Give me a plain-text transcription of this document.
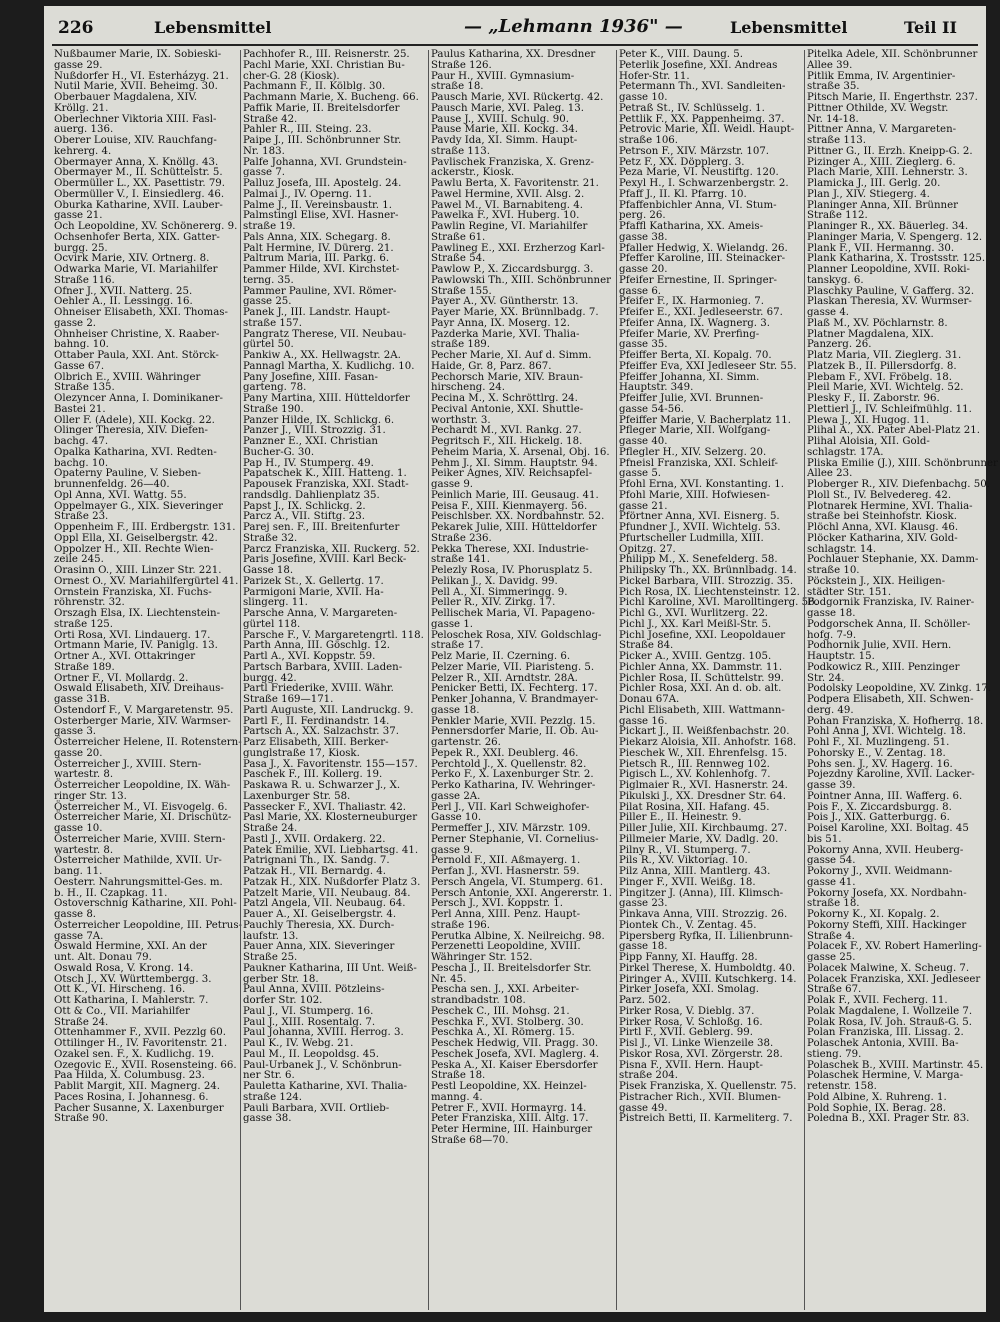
226	Lebensmittel	— „Lehmann 1936" —	Lebensmittel	Teil II
Nußbaumer Marie, IX. Sobieski-
gasse 29.
Nußdorfer H., VI. Esterházyg. 21.
Nutil Marie, XVII. Beheimg. 30.
Oberbauer Magdalena, XIV.
Kröllg. 21.
Oberlechner Viktoria XIII. Fasl-
auerg. 136.
Oberer Louise, XIV. Rauchfang-
kehrerg. 4.
Obermayer Anna, X. Knöllg. 43.
Obermayer M., II. Schüttelstr. 5.
Obermüller L., XX. Pasettistr. 79.
Obermüller V., I. Einsiedlerg. 46.
Oburka Katharine, XVII. Lauber-
gasse 21.
Och Leopoldine, XV. Schönererg. 9.
Ochsenhofer Berta, XIX. Gatter-
burgg. 25.
Ocvirk Marie, XIV. Ortnerg. 8.
Odwarka Marie, VI. Mariahilfer
Straße 116.
Ofner J., XVII. Natterg. 25.
Oehler A., II. Lessingg. 16.
Ohneiser Elisabeth, XXI. Thomas-
gasse 2.
Ohnheiser Christine, X. Raaber-
bahng. 10.
Ottaber Paula, XXI. Ant. Störck-
Gasse 67.
Olbrich E., XVIII. Währinger
Straße 135.
Olezyncer Anna, I. Dominikaner-
Bastei 21.
Oller F. (Adele), XII. Kockg. 22.
Olinger Theresia, XIV. Diefen-
bachg. 47.
Opalka Katharina, XVI. Redten-
bachg. 10.
Opaterny Pauline, V. Sieben-
brunnenfeldg. 26—40.
Opl Anna, XVI. Wattg. 55.
Oppelmayer G., XIX. Sieveringer
Straße 23.
Oppenheim F., III. Erdbergstr. 131.
Oppl Ella, XI. Geiselbergstr. 42.
Oppolzer H., XII. Rechte Wien-
zeile 245.
Orasinn O., XIII. Linzer Str. 221.
Ornest O., XV. Mariahilfergürtel 41.
Ornstein Franziska, XI. Fuchs-
röhrenstr. 32.
Orszagh Elsa, IX. Liechtenstein-
straße 125.
Orti Rosa, XVI. Lindauerg. 17.
Ortmann Marie, IV. Paniglg. 13.
Ortner A., XVI. Ottakringer
Straße 189.
Ortner F., VI. Mollardg. 2.
Oswald Elisabeth, XIV. Dreihaus-
gasse 31B.
Ostendorf F., V. Margaretenstr. 95.
Osterberger Marie, XIV. Warmser-
gasse 3.
Österreicher Helene, II. Rotenstern-
gasse 20.
Österreicher J., XVIII. Stern-
wartestr. 8.
Österreicher Leopoldine, IX. Wäh-
ringer Str. 13.
Österreicher M., VI. Eisvogelg. 6.
Österreicher Marie, XI. Drischütz-
gasse 10.
Österreicher Marie, XVIII. Stern-
wartestr. 8.
Österreicher Mathilde, XVII. Ur-
bang. 11.
Oesterr. Nahrungsmittel-Ges. m.
b. H., II. Czapkag. 11.
Ostoverschnig Katharine, XII. Pohl-
gasse 8.
Österreicher Leopoldine, III. Petrus-
gasse 7A.
Oswald Hermine, XXI. An der
unt. Alt. Donau 79.
Oswald Rosa, V. Krong. 14.
Otsch J., XV. Württembergg. 3.
Ott K., VI. Hirscheng. 16.
Ott Katharina, I. Mahlerstr. 7.
Ott & Co., VII. Mariahilfer
Straße 24.
Ottenhammer F., XVII. Pezzlg 60.
Ottilinger H., IV. Favoritenstr. 21.
Ozakel sen. F., X. Kudlichg. 19.
Ozegovic E., XVII. Rosensteing. 66.
Paa Hilda, X. Columbusg. 23.
Pablit Margit, XII. Magnerg. 24.
Paces Rosina, I. Johannesg. 6.
Pacher Susanne, X. Laxenburger
Straße 90.
Pachhofer R., III. Reisnerstr. 25.
Pachl Marie, XXI. Christian Bu-
cher-G. 28 (Kiosk).
Pachmann F., II. Kölblg. 30.
Pachmann Marie, X. Bucheng. 66.
Paffik Marie, II. Breitelsdorfer
Straße 42.
Pahler R., III. Steing. 23.
Paipe J., III. Schönbrunner Str.
Nr. 183.
Palfe Johanna, XVI. Grundstein-
gasse 7.
Palluz Josefa, III. Apostelg. 24.
Palmai J., IV. Operng. 11.
Palme J., II. Vereinsbaustr. 1.
Palmstingl Elise, XVI. Hasner-
straße 19.
Pals Anna, XIX. Schegarg. 8.
Palt Hermine, IV. Dürerg. 21.
Paltrum Maria, III. Parkg. 6.
Pammer Hilde, XVI. Kirchstet-
terng. 35.
Pammer Pauline, XVI. Römer-
gasse 25.
Panek J., III. Landstr. Haupt-
straße 157.
Pangratz Therese, VII. Neubau-
gürtel 50.
Pankiw A., XX. Hellwagstr. 2A.
Pannagl Martha, X. Kudlichg. 10.
Pany Josefine, XIII. Fasan-
garteng. 78.
Pany Martina, XIII. Hütteldorfer
Straße 190.
Panzer Hilde, IX. Schlickg. 6.
Panzer J., VIII. Strozzig. 31.
Panzner E., XXI. Christian
Bucher-G. 30.
Pap H., IV. Stumperg. 49.
Papatschek K., XIII. Hatteng. 1.
Papousek Franziska, XXI. Stadt-
randsdlg. Dahlienplatz 35.
Papst J., IX. Schlickg. 2.
Parcz A., VII. Stiftg. 23.
Parej sen. F., III. Breitenfurter
Straße 32.
Parcz Franziska, XII. Ruckerg. 52.
Paris Josefine, XVIII. Karl Beck-
Gasse 18.
Parizek St., X. Gellertg. 17.
Parmigoni Marie, XVII. Ha-
slingerg. 11.
Parsche Anna, V. Margareten-
gürtel 118.
Parsche F., V. Margaretengrtl. 118.
Parth Anna, III. Göschlg. 12.
Partl A., XVI. Koppstr. 59.
Partsch Barbara, XVIII. Laden-
burgg. 42.
Partl Friederike, XVIII. Währ.
Straße 169—171.
Partl Auguste, XII. Landruckg. 9.
Partl F., II. Ferdinandstr. 14.
Partsch A., XX. Salzachstr. 37.
Parz Elisabeth, XIII. Berker-
gunglstraße 17, Kiosk.
Pasa J., X. Favoritenstr. 155—157.
Paschek F., III. Kollerg. 19.
Paskawa R. u. Schwarzer J., X.
Laxenburger Str. 58.
Passecker F., XVI. Thaliastr. 42.
Pasl Marie, XX. Klosterneuburger
Straße 24.
Pastl J., XVII. Ordakerg. 22.
Patek Emilie, XVI. Liebhartsg. 41.
Patrignani Th., IX. Sandg. 7.
Patzak H., VII. Bernardg. 4.
Patzak H., XIX. Nußdorfer Platz 3.
Patzelt Marie, VII. Neubaug. 84.
Patzl Angela, VII. Neubaug. 64.
Pauer A., XI. Geiselbergstr. 4.
Pauchly Theresia, XX. Durch-
laufstr. 13.
Pauer Anna, XIX. Sieveringer
Straße 25.
Paukner Katharina, III Unt. Weiß-
gerber Str. 18.
Paul Anna, XVIII. Pötzleins-
dorfer Str. 102.
Paul J., VI. Stumperg. 16.
Paul J., XIII. Rosentalg. 7.
Paul Johanna, XVIII. Herrog. 3.
Paul K., IV. Webg. 21.
Paul M., II. Leopoldsg. 45.
Paul-Urbanek J., V. Schönbrun-
ner Str. 6.
Pauletta Katharine, XVI. Thalia-
straße 124.
Pauli Barbara, XVII. Ortlieb-
gasse 38.
Paulus Katharina, XX. Dresdner
Straße 126.
Paur H., XVIII. Gymnasium-
straße 18.
Pausch Marie, XVI. Rückertg. 42.
Pausch Marie, XVI. Paleg. 13.
Pause J., XVIII. Schulg. 90.
Pause Marie, XII. Kockg. 34.
Pavdy Ida, XI. Simm. Haupt-
straße 113.
Pavlischek Franziska, X. Grenz-
ackerstr., Kiosk.
Pawlu Berta, X. Favoritenstr. 21.
Pawel Hermine, XVII. Alsg. 2.
Pawel M., VI. Barnabiteng. 4.
Pawelka F., XVI. Huberg. 10.
Pawlin Regine, VI. Mariahilfer
Straße 61.
Pawlineg E., XXI. Erzherzog Karl-
Straße 54.
Pawlow P., X. Ziccardsburgg. 3.
Pawlowski Th., XIII. Schönbrunner
Straße 155.
Payer A., XV. Güntherstr. 13.
Payer Marie, XX. Brünnlbadg. 7.
Payr Anna, IX. Moserg. 12.
Pazderka Marie, XVI. Thalia-
straße 189.
Pecher Marie, XI. Auf d. Simm.
Haide, Gr. 8, Parz. 867.
Pechorsch Marie, XIV. Braun-
hirscheng. 24.
Pecina M., X. Schröttlrg. 24.
Pecival Antonie, XXI. Shuttle-
worthstr. 3.
Pechardt M., XVI. Rankg. 27.
Pegritsch F., XII. Hickelg. 18.
Peheim Maria, X. Arsenal, Obj. 16.
Pehm J., XI. Simm. Hauptstr. 94.
Peiker Agnes, XIV. Reichsapfel-
gasse 9.
Peinlich Marie, III. Geusaug. 41.
Peisa F., XIII. Kienmayerg. 56.
Peischlsber. XX. Nordbahnstr. 52.
Pekarek Julie, XIII. Hütteldorfer
Straße 236.
Pekka Therese, XXI. Industrie-
straße 141.
Pelezly Rosa, IV. Phorusplatz 5.
Pelikan J., X. Davidg. 99.
Pell A., XI. Simmeringg. 9.
Peller R., XIV. Zirkg. 17.
Pellischek Maria, VI. Papageno-
gasse 1.
Peloschek Rosa, XIV. Goldschlag-
straße 17.
Pelz Marie, II. Czerning. 6.
Pelzer Marie, VII. Piaristeng. 5.
Pelzer R., XII. Arndtstr. 28A.
Penicker Betti, IX. Fechterg. 17.
Penker Johanna, V. Brandmayer-
gasse 18.
Penkler Marie, XVII. Pezzlg. 15.
Pennersdorfer Marie, II. Ob. Au-
gartenstr. 26.
Pepek R., XXI. Deublerg. 46.
Perchtold J., X. Quellenstr. 82.
Perko F., X. Laxenburger Str. 2.
Perko Katharina, IV. Wehringer-
gasse 2A.
Perl J., VII. Karl Schweighofer-
Gasse 10.
Permeffer J., XIV. Märzstr. 109.
Perner Stephanie, VI. Cornelius-
gasse 9.
Pernold F., XII. Aßmayerg. 1.
Perfan J., XVI. Hasnerstr. 59.
Persch Angela, VI. Stumperg. 61.
Persch Antonie, XXI. Angererstr. 1.
Persch J., XVI. Koppstr. 1.
Perl Anna, XIII. Penz. Haupt-
straße 196.
Perutka Albine, X. Neilreichg. 98.
Perzenetti Leopoldine, XVIII.
Währinger Str. 152.
Pescha J., II. Breitelsdorfer Str.
Nr. 45.
Pescha sen. J., XXI. Arbeiter-
strandbadstr. 108.
Peschek C., III. Mohsg. 21.
Peschka F., XVI. Stolberg. 30.
Peschka A., XI. Römerg. 15.
Peschek Hedwig, VII. Pragg. 30.
Peschek Josefa, XVI. Maglerg. 4.
Peska A., XI. Kaiser Ebersdorfer
Straße 18.
Pestl Leopoldine, XX. Heinzel-
manng. 4.
Petrer F., XVII. Hormayrg. 14.
Peter Franziska, XIII. Altg. 17.
Peter Hermine, III. Hainburger
Straße 68—70.
Peter K., VIII. Daung. 5.
Peterlik Josefine, XXI. Andreas
Hofer-Str. 11.
Petermann Th., XVI. Sandleiten-
gasse 10.
Petraß St., IV. Schlüsselg. 1.
Pettlik F., XX. Pappenheimg. 37.
Petrovic Marie, XII. Weidl. Haupt-
straße 106.
Petrson F., XIV. Märzstr. 107.
Petz F., XX. Döpplerg. 3.
Peza Marie, VI. Neustiftg. 120.
Pexyl H., I. Schwarzenbergstr. 2.
Pfaff J., II. Kl. Pfarrg. 10.
Pfaffenbichler Anna, VI. Stum-
perg. 26.
Pfaffl Katharina, XX. Ameis-
gasse 38.
Pfaller Hedwig, X. Wielandg. 26.
Pfeffer Karoline, III. Steinacker-
gasse 20.
Pfeifer Ernestine, II. Springer-
gasse 6.
Pfeifer F., IX. Harmonieg. 7.
Pfeifer E., XXI. Jedleseerstr. 67.
Pfeifer Anna, IX. Wagnerg. 3.
Pfeifer Marie, XV. Prerfing-
gasse 35.
Pfeiffer Berta, XI. Kopalg. 70.
Pfeiffer Eva, XXI Jedleseer Str. 55.
Pfeiffer Johanna, XI. Simm.
Hauptstr. 349.
Pfeiffer Julie, XVI. Brunnen-
gasse 54-56.
Pfeiffer Marie, V. Bacherplatz 11.
Pfleger Marie, XII. Wolfgang-
gasse 40.
Pflegler H., XIV. Selzerg. 20.
Pfneisl Franziska, XXI. Schleif-
gasse 5.
Pfohl Erna, XVI. Konstanting. 1.
Pfohl Marie, XIII. Hofwiesen-
gasse 21.
Pförtner Anna, XVI. Eisnerg. 5.
Pfundner J., XVII. Wichtelg. 53.
Pfurtscheller Ludmilla, XIII.
Opitzg. 27.
Philipp M., X. Senefelderg. 58.
Philipsky Th., XX. Brünnlbadg. 14.
Pickel Barbara, VIII. Strozzig. 35.
Pich Rosa, IX. Liechtensteinstr. 12.
Pichl Karoline, XVI. Marolltingerg. 56.
Pichl G., XVI. Wurlitzerg. 22.
Pichl J., XX. Karl Meißl-Str. 5.
Pichl Josefine, XXI. Leopoldauer
Straße 84.
Picker A., XVIII. Gentzg. 105.
Pichler Anna, XX. Dammstr. 11.
Pichler Rosa, II. Schüttelstr. 99.
Pichler Rosa, XXI. An d. ob. alt.
Donau 67A.
Pichl Elisabeth, XIII. Wattmann-
gasse 16.
Pickart J., II. Weißfenbachstr. 20.
Piekarz Aloisia, XII. Anhofstr. 168.
Pieschek W., XII. Ehrenfelsg. 15.
Pietsch R., III. Rennweg 102.
Pigisch L., XV. Kohlenhofg. 7.
Piglmaier R., XVI. Hasnerstr. 24.
Pikulski J., XX. Dresdner Str. 64.
Pilat Rosina, XII. Hafang. 45.
Piller E., II. Heinestr. 9.
Piller Julie, XII. Kirchbaumg. 27.
Pillmeier Marie, XV. Dadlg. 20.
Pilny R., VI. Stumperg. 7.
Pils R., XV. Viktoriag. 10.
Pilz Anna, XIII. Mantlerg. 43.
Pinger F., XVII. Weißg. 18.
Pingitzer J. (Anna), III. Klimsch-
gasse 23.
Pinkava Anna, VIII. Strozzig. 26.
Piontek Ch., V. Zentag. 45.
Pipersberg Ryfka, II. Lilienbrunn-
gasse 18.
Pipp Fanny, XI. Hauffg. 28.
Pirkel Therese, X. Humboldtg. 40.
Piringer A., XVIII. Kutschkerg. 14.
Pirker Josefa, XXI. Smolag.
Parz. 502.
Pirker Rosa, V. Dieblg. 37.
Pirker Rosa, V. Schloßg. 16.
Pirtl F., XVII. Geblerg. 99.
Pisl J., VI. Linke Wienzeile 38.
Piskor Rosa, XVI. Zörgerstr. 28.
Pisna F., XVII. Hern. Haupt-
straße 204.
Pisek Franziska, X. Quellenstr. 75.
Pistracher Rich., XVII. Blumen-
gasse 49.
Pistreich Betti, II. Karmeliterg. 7.
Pitelka Adele, XII. Schönbrunner
Allee 39.
Pitlik Emma, IV. Argentinier-
straße 35.
Pitsch Marie, II. Engerthstr. 237.
Pittner Othilde, XV. Wegstr.
Nr. 14-18.
Pittner Anna, V. Margareten-
straße 113.
Pittner G., II. Erzh. Kneipp-G. 2.
Pizinger A., XIII. Zieglerg. 6.
Plach Marie, XIII. Lehnerstr. 3.
Plamicka J., III. Gerlg. 20.
Plan J., XIV. Stiegerg. 4.
Planinger Anna, XII. Brünner
Straße 112.
Planinger R., XX. Bäuerleg. 34.
Planinger Maria, V. Spengerg. 12.
Plank F., VII. Hermanng. 30.
Plank Katharina, X. Trostsstr. 125.
Planner Leopoldine, XVII. Roki-
tanskyg. 6.
Plaschky Pauline, V. Gafferg. 32.
Plaskan Theresia, XV. Wurmser-
gasse 4.
Plaß M., XV. Pöchlarnstr. 8.
Platner Magdalena, XIX.
Panzerg. 26.
Platz Maria, VII. Zieglerg. 31.
Platzek B., II. Pillersdorfg. 8.
Plebam F., XVI. Fröbelg. 18.
Pleil Marie, XVI. Wichtelg. 52.
Plesky F., II. Zaborstr. 96.
Plettierl J., IV. Schleifmühlg. 11.
Plewa J., XI. Hugog. 11.
Plihal A., XX. Pater Abel-Platz 21.
Plihal Aloisia, XII. Gold-
schlagstr. 17A.
Pliska Emilie (J.), XIII. Schönbrunner
Allee 23.
Ploberger R., XIV. Diefenbachg. 50.
Ploll St., IV. Belvedereg. 42.
Plotnarek Hermine, XVI. Thalia-
straße bei Steinhofstr. Kiosk.
Plöchl Anna, XVI. Klausg. 46.
Plöcker Katharina, XIV. Gold-
schlagstr. 14.
Pochlauer Stephanie, XX. Damm-
straße 10.
Pöckstein J., XIX. Heiligen-
städter Str. 151.
Podgornik Franziska, IV. Rainer-
gasse 18.
Podgorschek Anna, II. Schöller-
hofg. 7-9.
Podhornik Julie, XVII. Hern.
Hauptstr. 15.
Podkowicz R., XIII. Penzinger
Str. 24.
Podolsky Leopoldine, XV. Zinkg. 17.
Podpera Elisabeth, XII. Schwen-
derg. 49.
Pohan Franziska, X. Hofherrg. 18.
Pohl Anna J, XVI. Wichtelg. 18.
Pohl F., XI. Muzlingeng. 51.
Pohorsky E., V. Zentag. 18.
Pohs sen. J., XV. Hagerg. 16.
Pojezdny Karoline, XVII. Lacker-
gasse 39.
Pointner Anna, III. Wafferg. 6.
Pois F., X. Ziccardsburgg. 8.
Pois J., XIX. Gatterburgg. 6.
Poisel Karoline, XXI. Boltag. 45
bis 51.
Pokorny Anna, XVII. Heuberg-
gasse 54.
Pokorny J., XVII. Weidmann-
gasse 41.
Pokorny Josefa, XX. Nordbahn-
straße 18.
Pokorny K., XI. Kopalg. 2.
Pokorny Steffi, XIII. Hackinger
Straße 4.
Polacek F., XV. Robert Hamerling-
gasse 25.
Polacek Malwine, X. Scheug. 7.
Polacek Franziska, XXI. Jedleseer
Straße 67.
Polak F., XVII. Fecherg. 11.
Polak Magdalene, I. Wollzeile 7.
Polak Rosa, IV. Joh. Strauß-G. 5.
Polan Franziska, III. Lissag. 2.
Polaschek Antonia, XVIII. Ba-
stieng. 79.
Polaschek B., XVIII. Martinstr. 45.
Polaschek Hermine, V. Marga-
retenstr. 158.
Pold Albine, X. Ruhreng. 1.
Pold Sophie, IX. Berag. 28.
Poledna B., XXI. Prager Str. 83.
